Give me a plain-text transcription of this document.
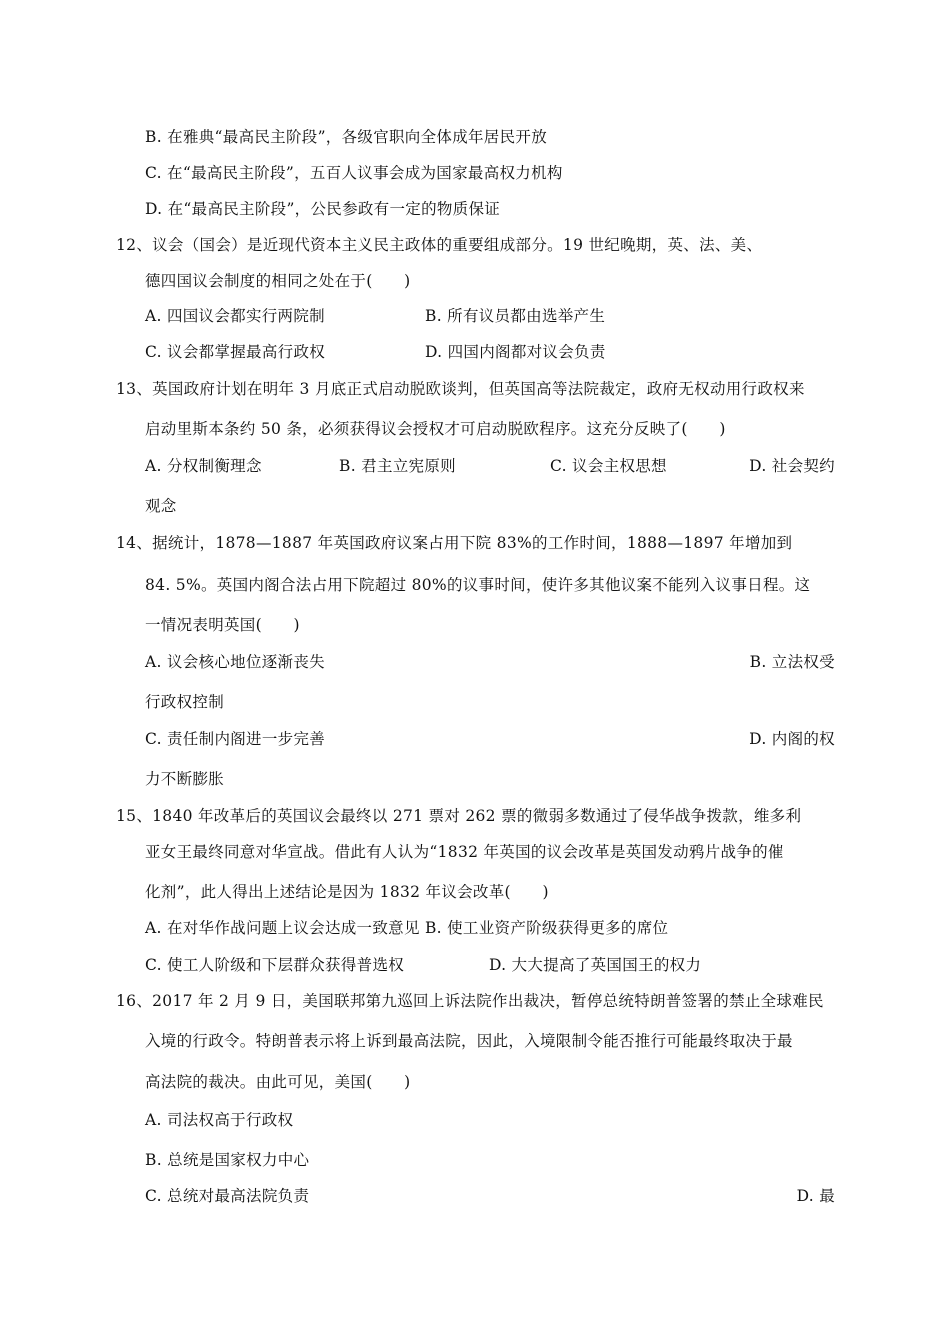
B. 在雅典“最高民主阶段”，各级官职向全体成年居民开放
C. 在“最高民主阶段”，五百人议事会成为国家最高权力机构
D. 在“最高民主阶段”，公民参政有一定的物质保证
12、议会（国会）是近现代资本主义民主政体的重要组成部分。19 世纪晚期，英、法、美、
德四国议会制度的相同之处在于(　　)
A. 四国议会都实行两院制	B. 所有议员都由选举产生
C. 议会都掌握最高行政权	D. 四国内阁都对议会负责
13、英国政府计划在明年 3 月底正式启动脱欧谈判，但英国高等法院裁定，政府无权动用行政权来
启动里斯本条约 50 条，必须获得议会授权才可启动脱欧程序。这充分反映了(　　)
A. 分权制衡理念	B. 君主立宪原则	C. 议会主权思想	D. 社会契约
观念
14、据统计，1878—1887 年英国政府议案占用下院 83%的工作时间，1888—1897 年增加到
84. 5%。英国内阁合法占用下院超过 80%的议事时间，使许多其他议案不能列入议事日程。这
一情况表明英国(　　)
A. 议会核心地位逐渐丧失	B. 立法权受
行政权控制
C. 责任制内阁进一步完善	D. 内阁的权
力不断膨胀
15、1840 年改革后的英国议会最终以 271 票对 262 票的微弱多数通过了侵华战争拨款，维多利
亚女王最终同意对华宣战。借此有人认为“1832 年英国的议会改革是英国发动鸦片战争的催
化剂”，此人得出上述结论是因为 1832 年议会改革(　　)
A. 在对华作战问题上议会达成一致意见 B. 使工业资产阶级获得更多的席位
C. 使工人阶级和下层群众获得普选权	D. 大大提高了英国国王的权力
16、2017 年 2 月 9 日，美国联邦第九巡回上诉法院作出裁决，暂停总统特朗普签署的禁止全球难民
入境的行政令。特朗普表示将上诉到最高法院，因此，入境限制令能否推行可能最终取决于最
高法院的裁决。由此可见，美国(　　)
A. 司法权高于行政权
B. 总统是国家权力中心
C. 总统对最高法院负责	D. 最
